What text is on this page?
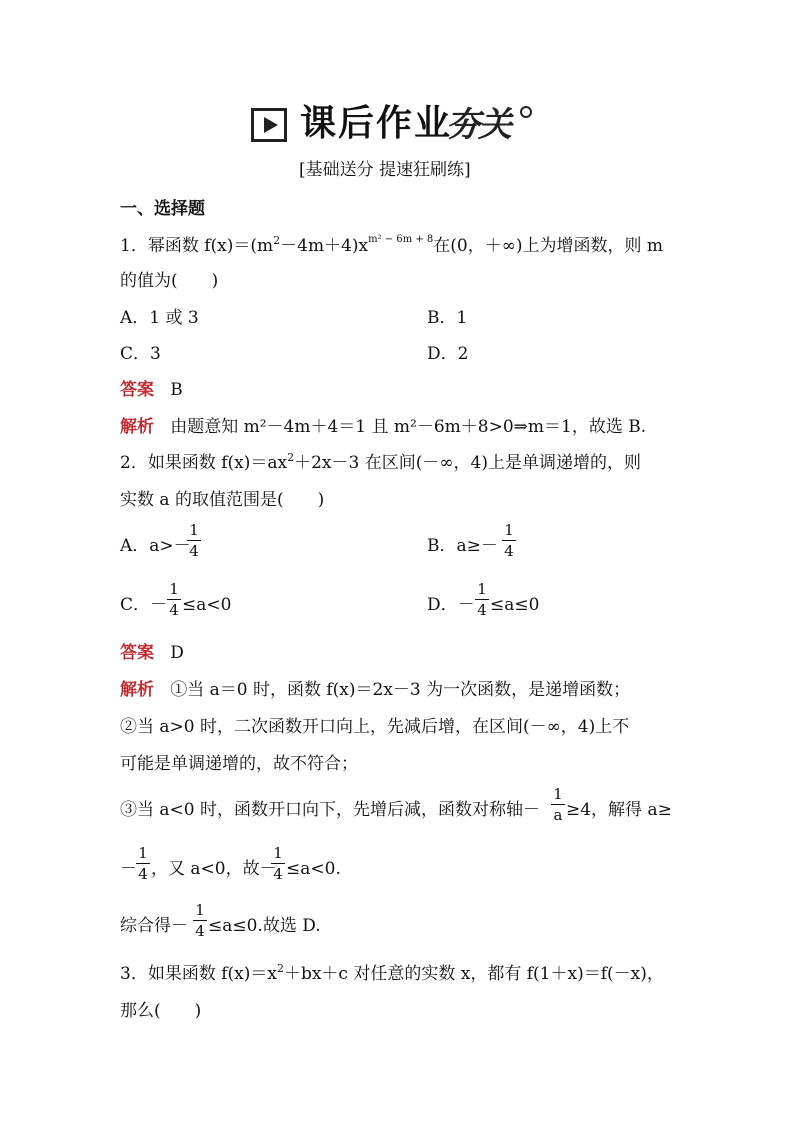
课后作业
夯关
[基础送分 提速狂刷练]
一、选择题
1．幂函数 $f(x)=(m^2-4m+4)x^{m^2 - 6m + 8}$在(0，＋∞)上为增函数，则 m
的值为(　　)
A．1 或 3	B．1
C．3	D．2
答案 B
解析 由题意知 m²－4m＋4＝1 且 m²－6m＋8>0⇒m＝1，故选 B.
2．如果函数 $f(x)=ax^2+2x-3$ 在区间(－∞，4)上是单调递增的，则
实数 a 的取值范围是(　　)
A．a>－
1
4	B．a≥－
1
4
C．－
1
4 ≤a<0	D．－
1
4 ≤a≤0
答案 D
解析 ①当 a＝0 时，函数 f(x)＝2x－3 为一次函数，是递增函数；
②当 a>0 时，二次函数开口向上，先减后增，在区间(－∞，4)上不
可能是单调递增的，故不符合；
③当 a<0 时，函数开口向下，先增后减，函数对称轴－
1
a ≥4，解得 a≥
－
1
4 ，又 a<0，故－
1
4 ≤a<0.
综合得－
1
4 ≤a≤0.故选 D.
3．如果函数 $f(x)=x^2+bx+c$ 对任意的实数 x，都有 f(1＋x)＝f(－x)，
那么(　　)
